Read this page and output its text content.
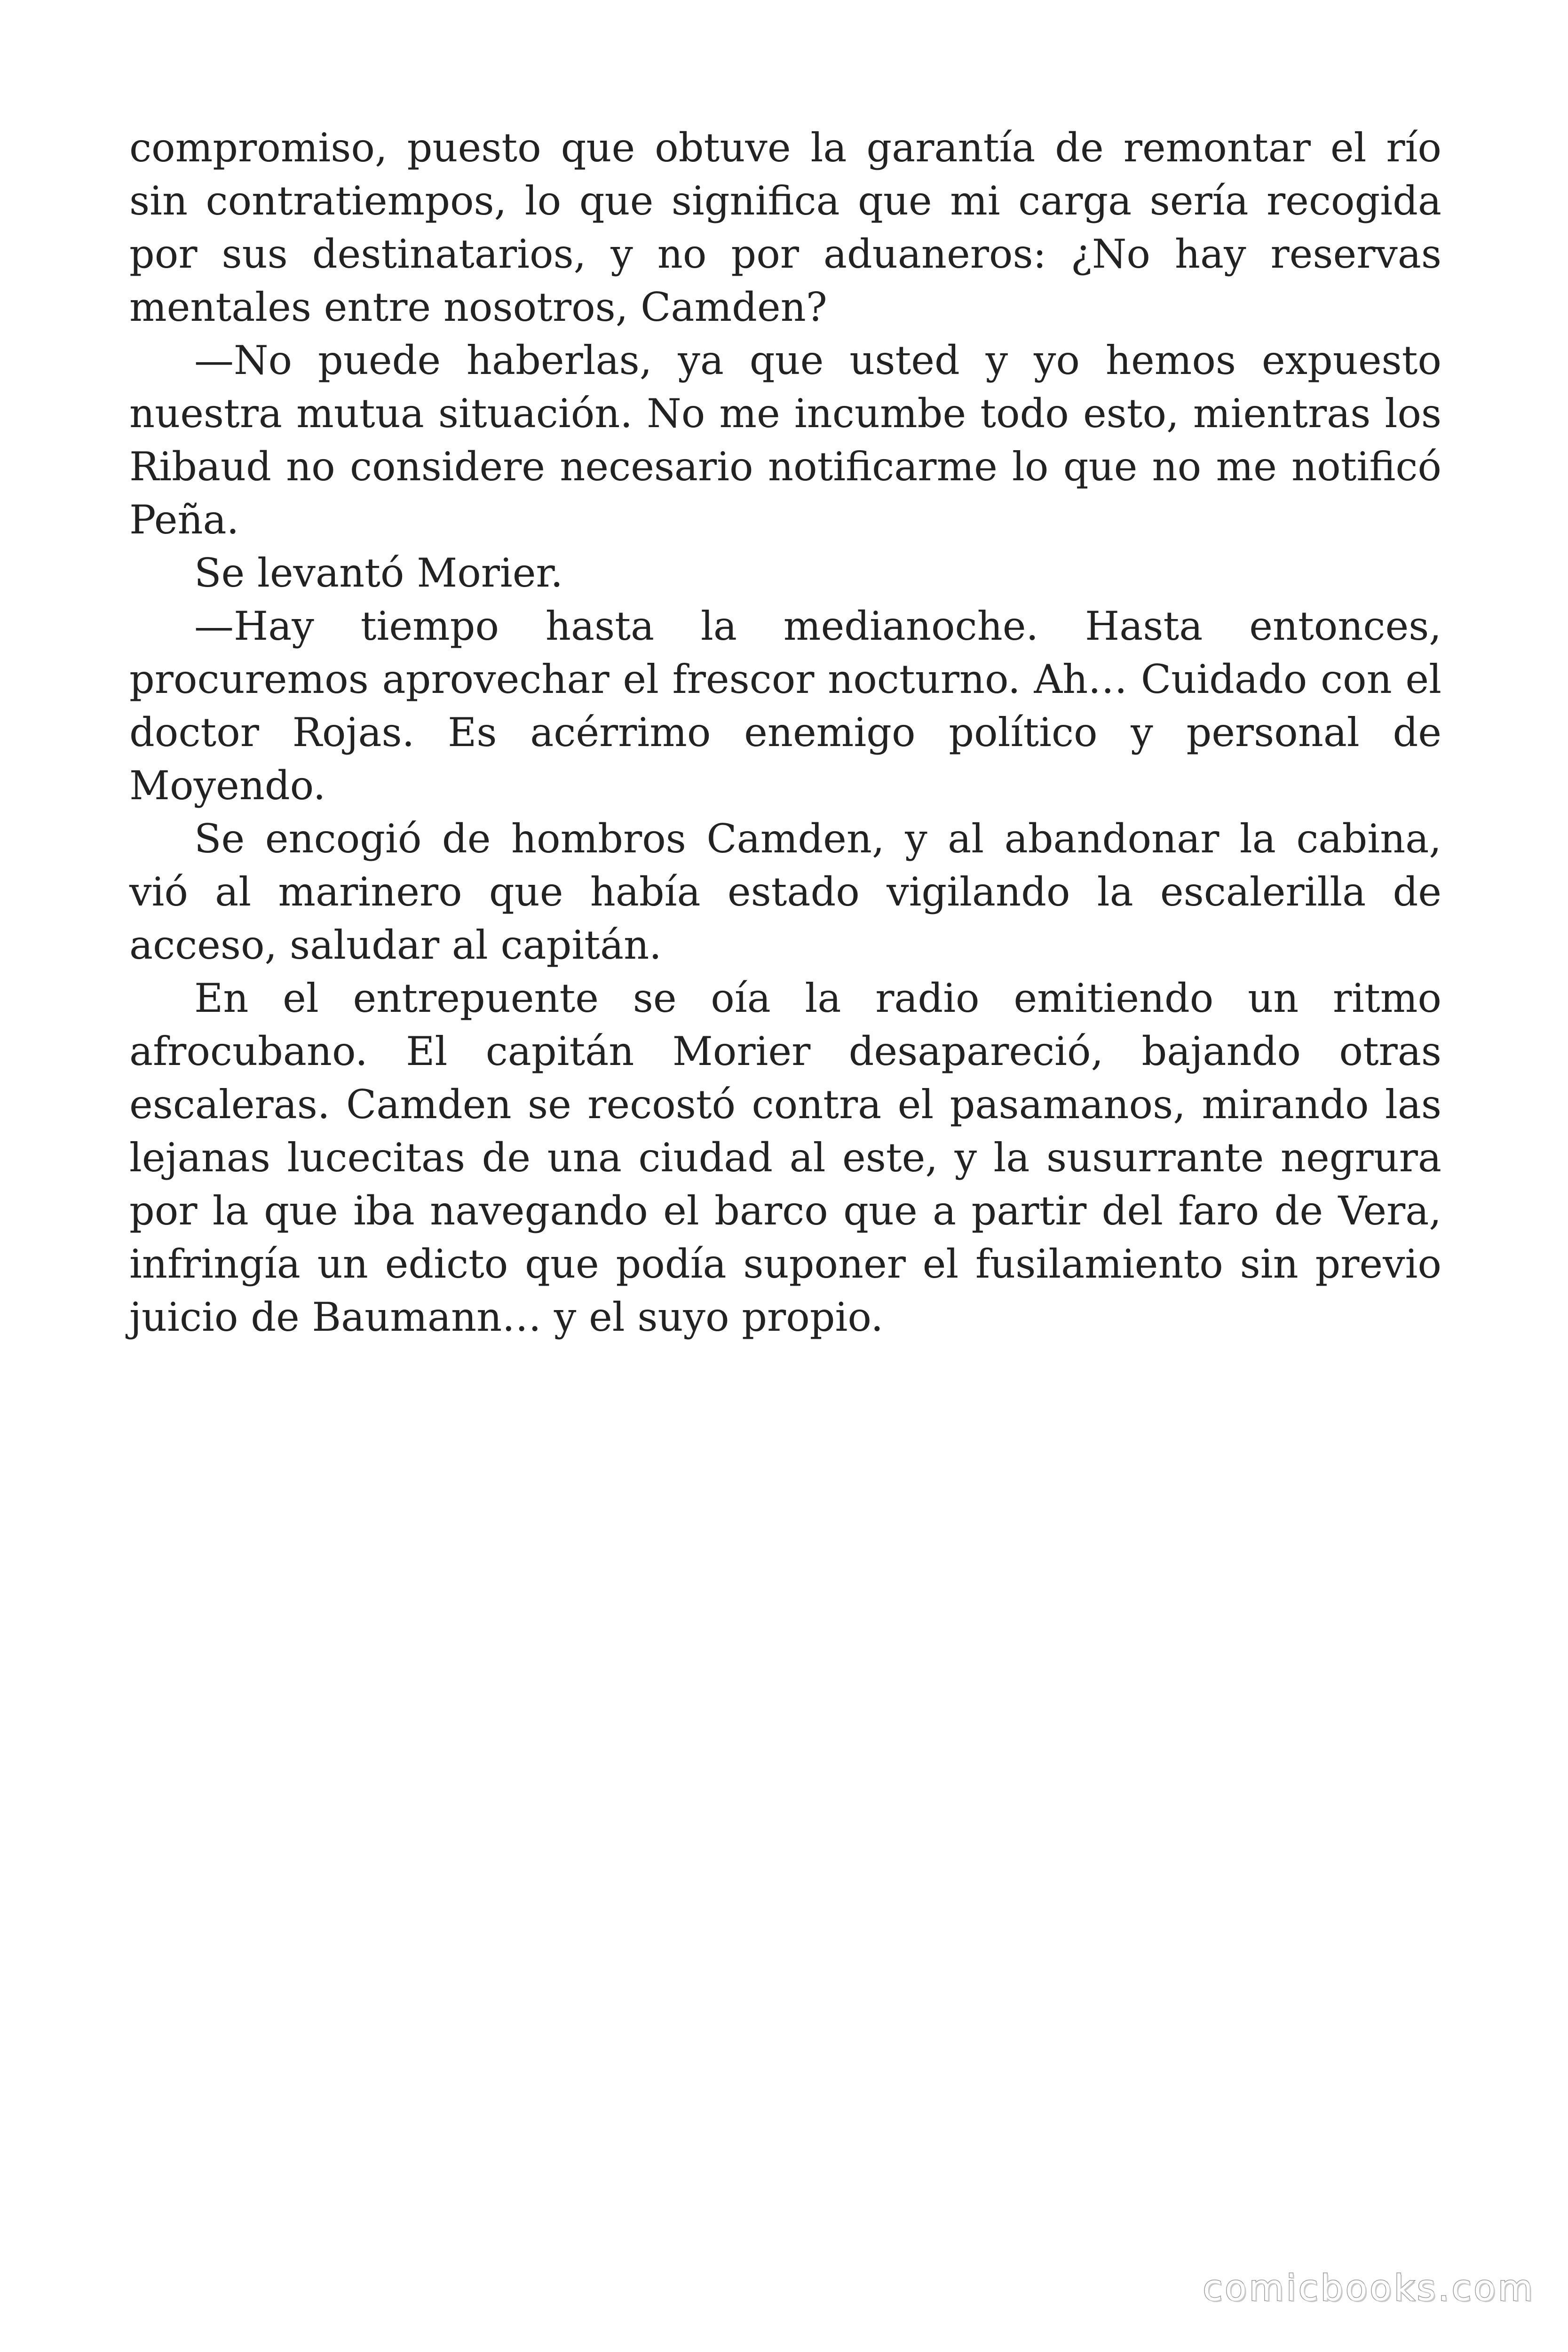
compromiso, puesto que obtuve la garantía de remontar el río sin contratiempos, lo que significa que mi carga sería recogida por sus destinatarios, y no por aduaneros: ¿No hay reservas mentales entre nosotros, Camden?

—No puede haberlas, ya que usted y yo hemos expuesto nuestra mutua situación. No me incumbe todo esto, mientras los Ribaud no considere necesario notificarme lo que no me notificó Peña.

Se levantó Morier.

—Hay tiempo hasta la medianoche. Hasta entonces, procuremos aprovechar el frescor nocturno. Ah… Cuidado con el doctor Rojas. Es acérrimo enemigo político y personal de Moyendo.

Se encogió de hombros Camden, y al abandonar la cabina, vió al marinero que había estado vigilando la escalerilla de acceso, saludar al capitán.

En el entrepuente se oía la radio emitiendo un ritmo afrocubano. El capitán Morier desapareció, bajando otras escaleras. Camden se recostó contra el pasamanos, mirando las lejanas lucecitas de una ciudad al este, y la susurrante negrura por la que iba navegando el barco que a partir del faro de Vera, infringía un edicto que podía suponer el fusilamiento sin previo juicio de Baumann… y el suyo propio.

comicbooks.com
